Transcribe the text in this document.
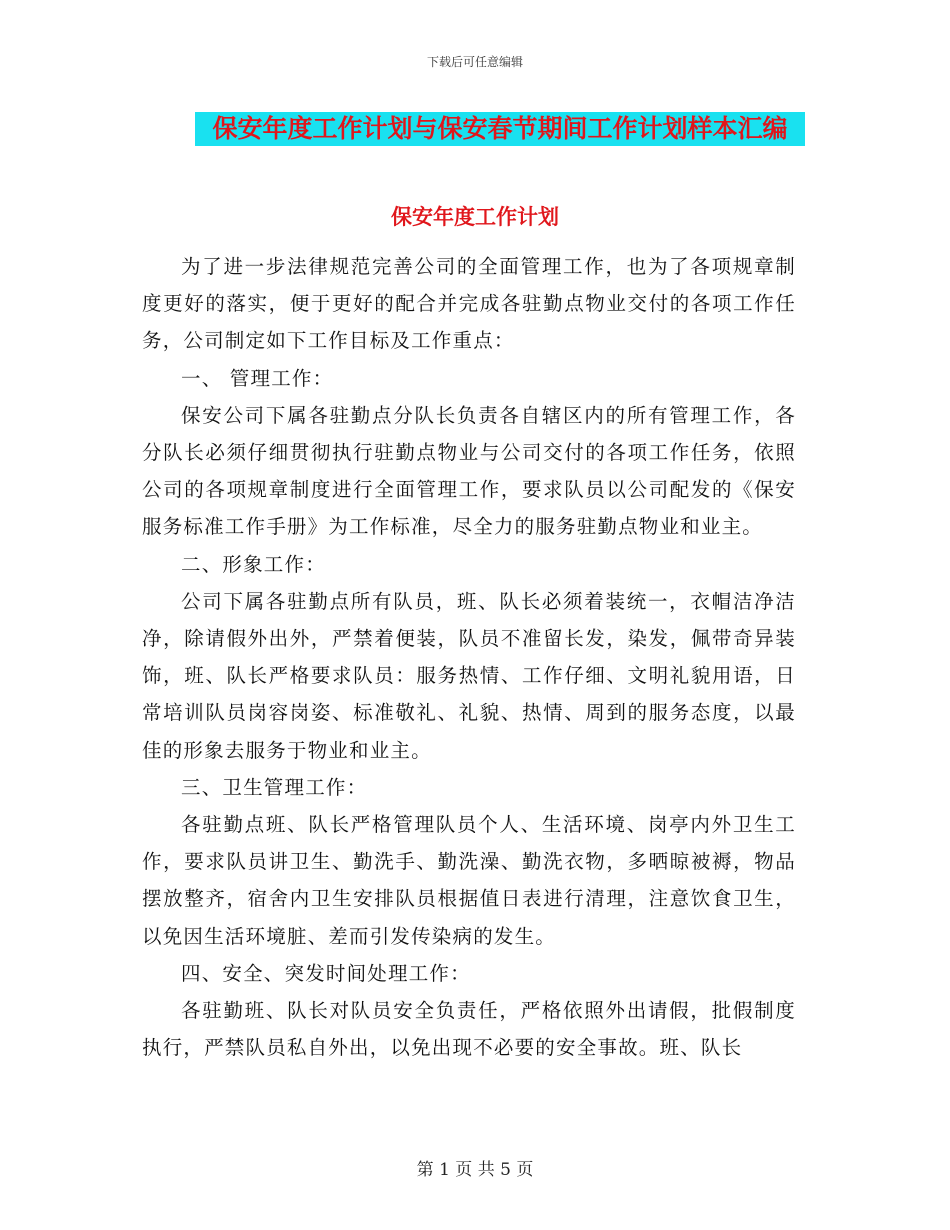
下载后可任意编辑
保安年度工作计划与保安春节期间工作计划样本汇编
保安年度工作计划

为了进一步法律规范完善公司的全面管理工作，也为了各项规章制度更好的落实，便于更好的配合并完成各驻勤点物业交付的各项工作任务，公司制定如下工作目标及工作重点：

一、 管理工作：

保安公司下属各驻勤点分队长负责各自辖区内的所有管理工作，各分队长必须仔细贯彻执行驻勤点物业与公司交付的各项工作任务，依照公司的各项规章制度进行全面管理工作，要求队员以公司配发的《保安服务标准工作手册》为工作标准，尽全力的服务驻勤点物业和业主。

二、形象工作：

公司下属各驻勤点所有队员，班、队长必须着装统一，衣帽洁净洁净，除请假外出外，严禁着便装，队员不准留长发，染发，佩带奇异装饰，班、队长严格要求队员：服务热情、工作仔细、文明礼貌用语，日常培训队员岗容岗姿、标准敬礼、礼貌、热情、周到的服务态度，以最佳的形象去服务于物业和业主。

三、卫生管理工作：

各驻勤点班、队长严格管理队员个人、生活环境、岗亭内外卫生工作，要求队员讲卫生、勤洗手、勤洗澡、勤洗衣物，多晒晾被褥，物品摆放整齐，宿舍内卫生安排队员根据值日表进行清理，注意饮食卫生，以免因生活环境脏、差而引发传染病的发生。

四、安全、突发时间处理工作：

各驻勤班、队长对队员安全负责任，严格依照外出请假，批假制度执行，严禁队员私自外出，以免出现不必要的安全事故。班、队长

第 1 页 共 5 页
